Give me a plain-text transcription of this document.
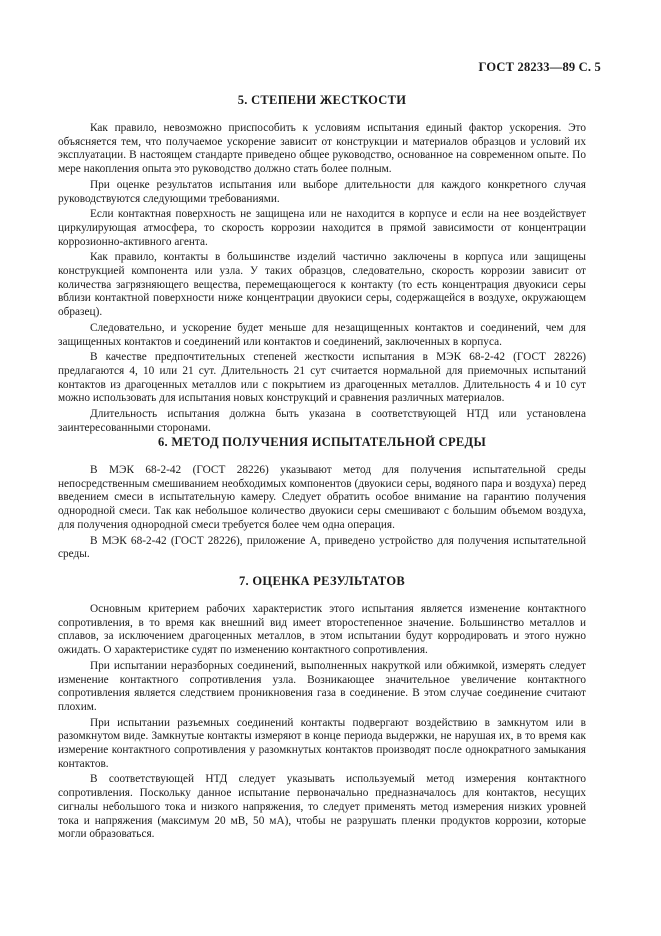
ГОСТ 28233—89 С. 5
5. СТЕПЕНИ ЖЕСТКОСТИ

Как правило, невозможно приспособить к условиям испытания единый фактор ускорения. Это объясняется тем, что получаемое ускорение зависит от конструкции и материалов образцов и условий их эксплуатации. В настоящем стандарте приведено общее руководство, основанное на современном опыте. По мере накопления опыта это руководство должно стать более полным.

При оценке результатов испытания или выборе длительности для каждого конкретного случая руководствуются следующими требованиями.

Если контактная поверхность не защищена или не находится в корпусе и если на нее воздействует циркулирующая атмосфера, то скорость коррозии находится в прямой зависимости от концентрации коррозионно-активного агента.

Как правило, контакты в большинстве изделий частично заключены в корпуса или защищены конструкцией компонента или узла. У таких образцов, следовательно, скорость коррозии зависит от количества загрязняющего вещества, перемещающегося к контакту (то есть концентрация двуокиси серы вблизи контактной поверхности ниже концентрации двуокиси серы, содержащейся в воздухе, окружающем образец).

Следовательно, и ускорение будет меньше для незащищенных контактов и соединений, чем для защищенных контактов и соединений или контактов и соединений, заключенных в корпуса.

В качестве предпочтительных степеней жесткости испытания в МЭК 68-2-42 (ГОСТ 28226) предлагаются 4, 10 или 21 сут. Длительность 21 сут считается нормальной для приемочных испытаний контактов из драгоценных металлов или с покрытием из драгоценных металлов. Длительность 4 и 10 сут можно использовать для испытания новых конструкций и сравнения различных материалов.

Длительность испытания должна быть указана в соответствующей НТД или установлена заинтересованными сторонами.

6. МЕТОД ПОЛУЧЕНИЯ ИСПЫТАТЕЛЬНОЙ СРЕДЫ

В МЭК 68-2-42 (ГОСТ 28226) указывают метод для получения испытательной среды непосредственным смешиванием необходимых компонентов (двуокиси серы, водяного пара и воздуха) перед введением смеси в испытательную камеру. Следует обратить особое внимание на гарантию получения однородной смеси. Так как небольшое количество двуокиси серы смешивают с большим объемом воздуха, для получения однородной смеси требуется более чем одна операция.

В МЭК 68-2-42 (ГОСТ 28226), приложение А, приведено устройство для получения испытательной среды.

7. ОЦЕНКА РЕЗУЛЬТАТОВ

Основным критерием рабочих характеристик этого испытания является изменение контактного сопротивления, в то время как внешний вид имеет второстепенное значение. Большинство металлов и сплавов, за исключением драгоценных металлов, в этом испытании будут корродировать и этого нужно ожидать. О характеристике судят по изменению контактного сопротивления.

При испытании неразборных соединений, выполненных накруткой или обжимкой, измерять следует изменение контактного сопротивления узла. Возникающее значительное увеличение контактного сопротивления является следствием проникновения газа в соединение. В этом случае соединение считают плохим.

При испытании разъемных соединений контакты подвергают воздействию в замкнутом или в разомкнутом виде. Замкнутые контакты измеряют в конце периода выдержки, не нарушая их, в то время как измерение контактного сопротивления у разомкнутых контактов производят после однократного замыкания контактов.

В соответствующей НТД следует указывать используемый метод измерения контактного сопротивления. Поскольку данное испытание первоначально предназначалось для контактов, несущих сигналы небольшого тока и низкого напряжения, то следует применять метод измерения низких уровней тока и напряжения (максимум 20 мВ, 50 мА), чтобы не разрушать пленки продуктов коррозии, которые могли образоваться.
